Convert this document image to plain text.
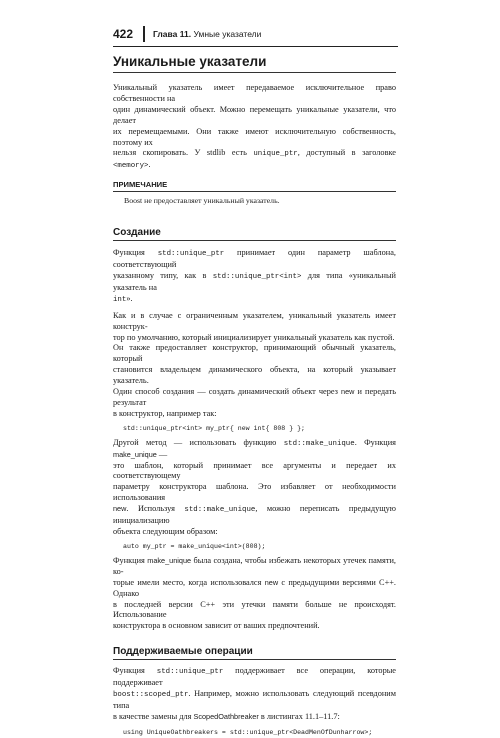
422 Глава 11. Умные указатели
Уникальные указатели

Уникальный указатель имеет передаваемое исключительное право собственности на

один динамический объект. Можно перемещать уникальные указатели, что делает

их перемещаемыми. Они также имеют исключительную собственность, поэтому их

нельзя скопировать. У stdlib есть unique_ptr, доступный в заголовке <memory>.

ПРИМЕЧАНИЕ

Boost не предоставляет уникальный указатель.

Создание

Функция std::unique_ptr принимает один параметр шаблона, соответствующий

указанному типу, как в std::unique_ptr<int> для типа «уникальный указатель на

int».

Как и в случае с ограниченным указателем, уникальный указатель имеет конструк-

тор по умолчанию, который инициализирует уникальный указатель как пустой.

Он также предоставляет конструктор, принимающий обычный указатель, который

становится владельцем динамического объекта, на который указывает указатель.

Один способ создания — создать динамический объект через new и передать результат

в конструктор, например так:

std::unique_ptr<int> my_ptr{ new int{ 808 } };

Другой метод — использовать функцию std::make_unique. Функция make_unique —

это шаблон, который принимает все аргументы и передает их соответствующему

параметру конструктора шаблона. Это избавляет от необходимости использования

new. Используя std::make_unique, можно переписать предыдущую инициализацию

объекта следующим образом:

auto my_ptr = make_unique<int>(808);

Функция make_unique была создана, чтобы избежать некоторых утечек памяти, ко-

торые имели место, когда использовался new с предыдущими версиями C++. Однако

в последней версии C++ эти утечки памяти больше не происходят. Использование

конструктора в основном зависит от ваших предпочтений.

Поддерживаемые операции

Функция std::unique_ptr поддерживает все операции, которые поддерживает

boost::scoped_ptr. Например, можно использовать следующий псевдоним типа

в качестве замены для ScopedOathbreaker в листингах 11.1–11.7:

using UniqueOathbreakers = std::unique_ptr<DeadMenOfDunharrow>;
